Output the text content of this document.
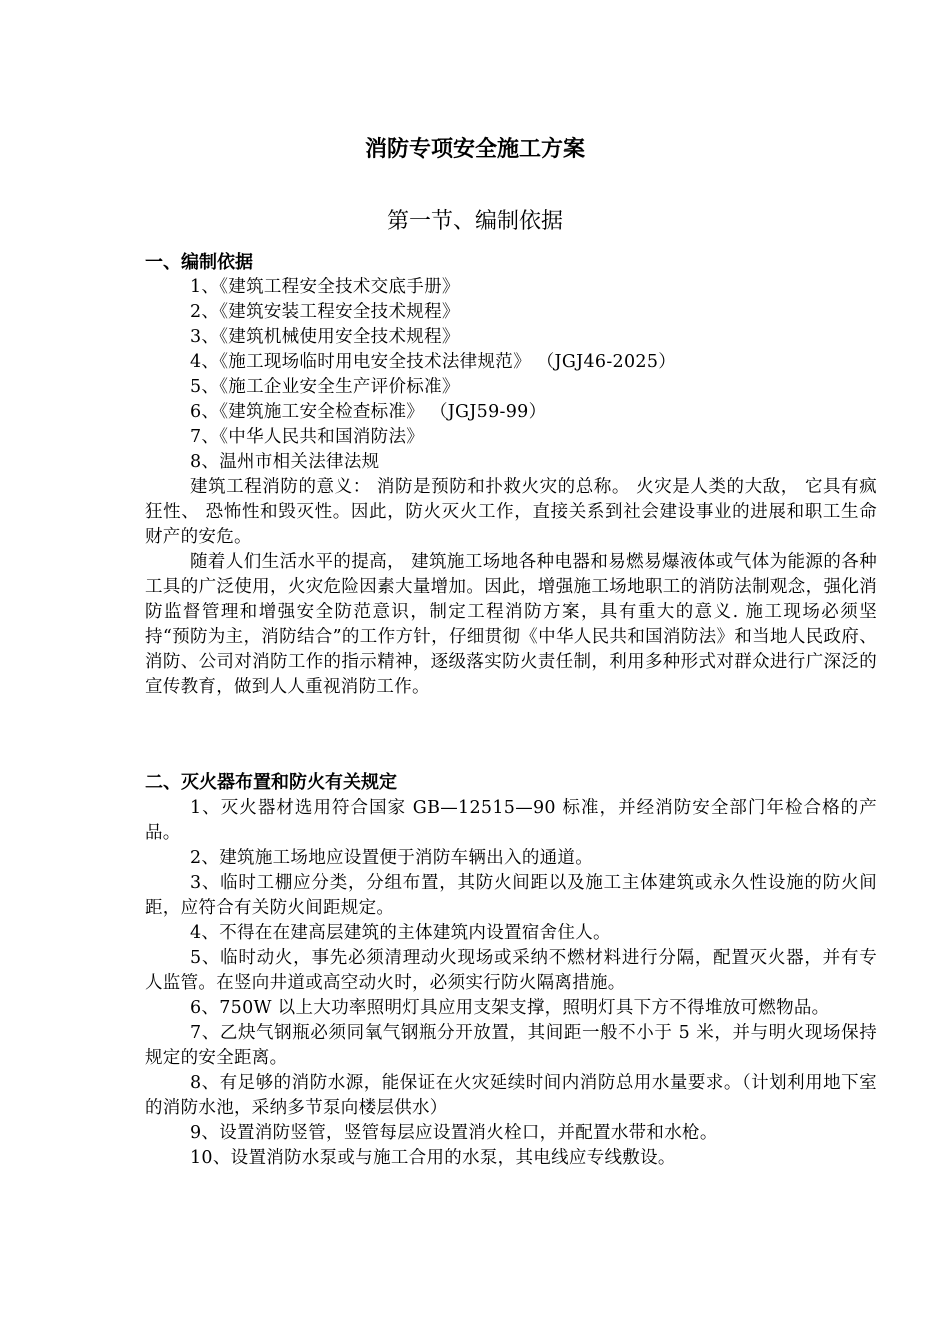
消防专项安全施工方案
第一节、编制依据
一、编制依据
1、《建筑工程安全技术交底手册》
2、《建筑安装工程安全技术规程》
3、《建筑机械使用安全技术规程》
4、《施工现场临时用电安全技术法律规范》 （JGJ46-2025）
5、《施工企业安全生产评价标准》
6、《建筑施工安全检查标准》 （JGJ59-99）
7、《中华人民共和国消防法》
8、温州市相关法律法规
建筑工程消防的意义： 消防是预防和扑救火灾的总称。 火灾是人类的大敌， 它具有疯狂性、 恐怖性和毁灭性。因此，防火灭火工作，直接关系到社会建设事业的进展和职工生命财产的安危。
随着人们生活水平的提高， 建筑施工场地各种电器和易燃易爆液体或气体为能源的各种工具的广泛使用，火灾危险因素大量增加。因此，增强施工场地职工的消防法制观念，强化消防监督管理和增强安全防范意识，制定工程消防方案，具有重大的意义. 施工现场必须坚持“预防为主，消防结合”的工作方针，仔细贯彻《中华人民共和国消防法》和当地人民政府、消防、公司对消防工作的指示精神，逐级落实防火责任制，利用多种形式对群众进行广深泛的宣传教育，做到人人重视消防工作。
二、灭火器布置和防火有关规定
1、灭火器材选用符合国家 GB—12515—90 标准，并经消防安全部门年检合格的产品。
2、建筑施工场地应设置便于消防车辆出入的通道。
3、临时工棚应分类，分组布置，其防火间距以及施工主体建筑或永久性设施的防火间距，应符合有关防火间距规定。
4、不得在在建高层建筑的主体建筑内设置宿舍住人。
5、临时动火，事先必须清理动火现场或采纳不燃材料进行分隔，配置灭火器，并有专人监管。在竖向井道或高空动火时，必须实行防火隔离措施。
6、750W 以上大功率照明灯具应用支架支撑，照明灯具下方不得堆放可燃物品。
7、乙炔气钢瓶必须同氧气钢瓶分开放置，其间距一般不小于 5 米，并与明火现场保持规定的安全距离。
8、有足够的消防水源，能保证在火灾延续时间内消防总用水量要求。（计划利用地下室的消防水池，采纳多节泵向楼层供水）
9、设置消防竖管，竖管每层应设置消火栓口，并配置水带和水枪。
10、设置消防水泵或与施工合用的水泵，其电线应专线敷设。
